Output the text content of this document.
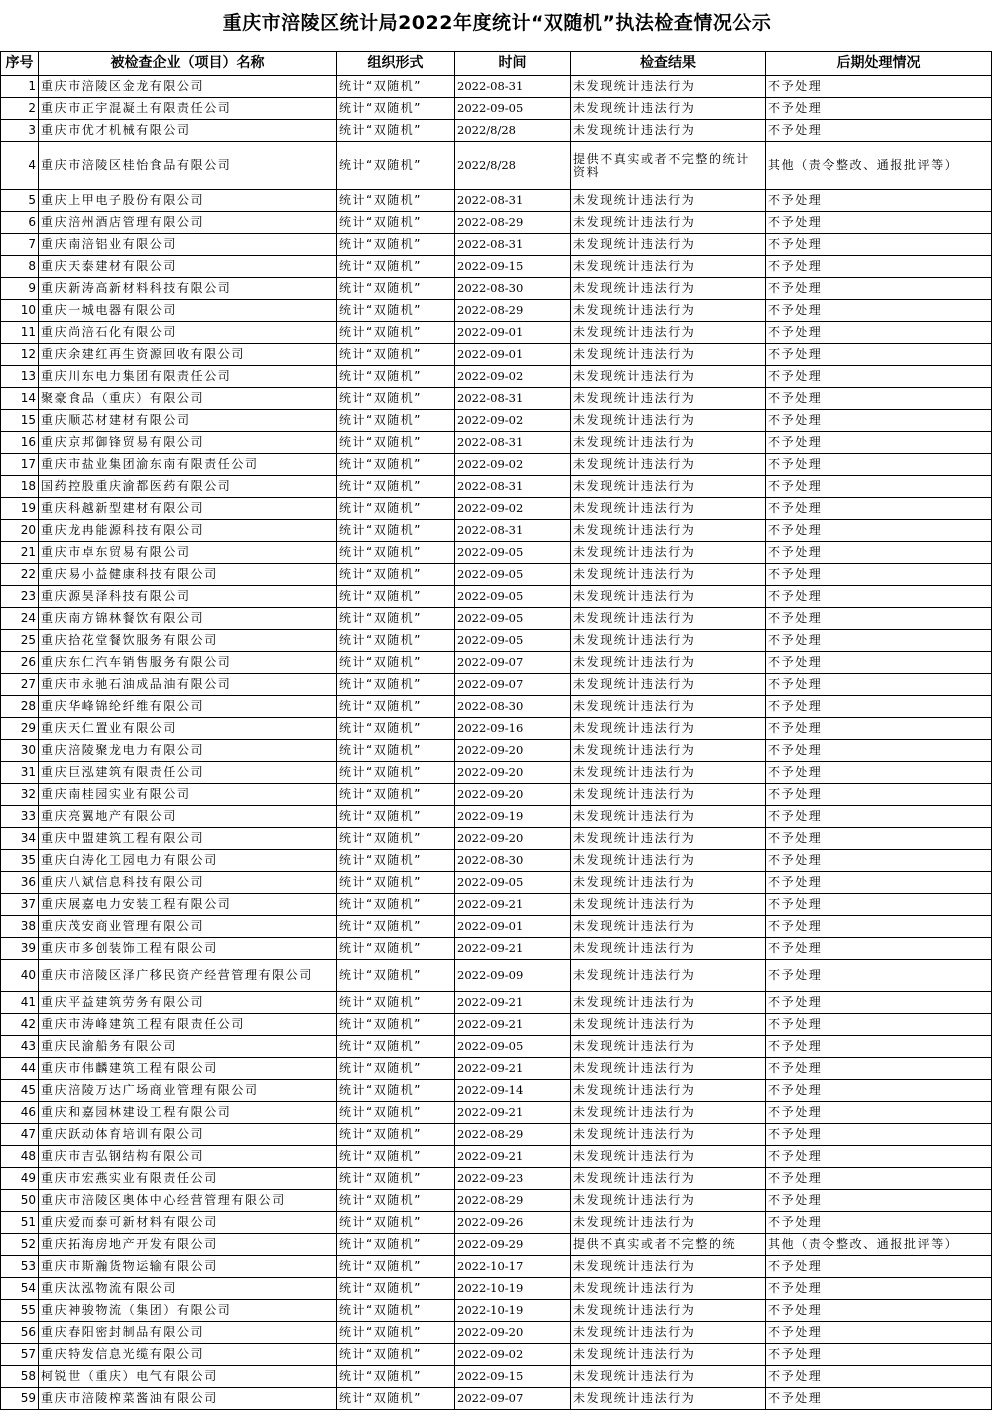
重庆市涪陵区统计局2022年度统计“双随机”执法检查情况公示
序号	被检查企业（项目）名称	组织形式	时间	检查结果	后期处理情况
1	重庆市涪陵区金龙有限公司	统计“双随机”	2022-08-31	未发现统计违法行为	不予处理
2	重庆市正宇混凝土有限责任公司	统计“双随机”	2022-09-05	未发现统计违法行为	不予处理
3	重庆市优才机械有限公司	统计“双随机”	2022/8/28	未发现统计违法行为	不予处理
4	重庆市涪陵区桂怡食品有限公司	统计“双随机”	2022/8/28	提供不真实或者不完整的统计资料	其他（责令整改、通报批评等）
5	重庆上甲电子股份有限公司	统计“双随机”	2022-08-31	未发现统计违法行为	不予处理
6	重庆涪州酒店管理有限公司	统计“双随机”	2022-08-29	未发现统计违法行为	不予处理
7	重庆南涪铝业有限公司	统计“双随机”	2022-08-31	未发现统计违法行为	不予处理
8	重庆天泰建材有限公司	统计“双随机”	2022-09-15	未发现统计违法行为	不予处理
9	重庆新涛高新材料科技有限公司	统计“双随机”	2022-08-30	未发现统计违法行为	不予处理
10	重庆一城电器有限公司	统计“双随机”	2022-08-29	未发现统计违法行为	不予处理
11	重庆尚涪石化有限公司	统计“双随机”	2022-09-01	未发现统计违法行为	不予处理
12	重庆余建红再生资源回收有限公司	统计“双随机”	2022-09-01	未发现统计违法行为	不予处理
13	重庆川东电力集团有限责任公司	统计“双随机”	2022-09-02	未发现统计违法行为	不予处理
14	聚豪食品（重庆）有限公司	统计“双随机”	2022-08-31	未发现统计违法行为	不予处理
15	重庆顺芯材建材有限公司	统计“双随机”	2022-09-02	未发现统计违法行为	不予处理
16	重庆京邦御锋贸易有限公司	统计“双随机”	2022-08-31	未发现统计违法行为	不予处理
17	重庆市盐业集团渝东南有限责任公司	统计“双随机”	2022-09-02	未发现统计违法行为	不予处理
18	国药控股重庆渝都医药有限公司	统计“双随机”	2022-08-31	未发现统计违法行为	不予处理
19	重庆科越新型建材有限公司	统计“双随机”	2022-09-02	未发现统计违法行为	不予处理
20	重庆龙冉能源科技有限公司	统计“双随机”	2022-08-31	未发现统计违法行为	不予处理
21	重庆市卓东贸易有限公司	统计“双随机”	2022-09-05	未发现统计违法行为	不予处理
22	重庆易小益健康科技有限公司	统计“双随机”	2022-09-05	未发现统计违法行为	不予处理
23	重庆源昊泽科技有限公司	统计“双随机”	2022-09-05	未发现统计违法行为	不予处理
24	重庆南方锦林餐饮有限公司	统计“双随机”	2022-09-05	未发现统计违法行为	不予处理
25	重庆拾花堂餐饮服务有限公司	统计“双随机”	2022-09-05	未发现统计违法行为	不予处理
26	重庆东仁汽车销售服务有限公司	统计“双随机”	2022-09-07	未发现统计违法行为	不予处理
27	重庆市永驰石油成品油有限公司	统计“双随机”	2022-09-07	未发现统计违法行为	不予处理
28	重庆华峰锦纶纤维有限公司	统计“双随机”	2022-08-30	未发现统计违法行为	不予处理
29	重庆天仁置业有限公司	统计“双随机”	2022-09-16	未发现统计违法行为	不予处理
30	重庆涪陵聚龙电力有限公司	统计“双随机”	2022-09-20	未发现统计违法行为	不予处理
31	重庆巨泓建筑有限责任公司	统计“双随机”	2022-09-20	未发现统计违法行为	不予处理
32	重庆南桂园实业有限公司	统计“双随机”	2022-09-20	未发现统计违法行为	不予处理
33	重庆亮翼地产有限公司	统计“双随机”	2022-09-19	未发现统计违法行为	不予处理
34	重庆中盟建筑工程有限公司	统计“双随机”	2022-09-20	未发现统计违法行为	不予处理
35	重庆白涛化工园电力有限公司	统计“双随机”	2022-08-30	未发现统计违法行为	不予处理
36	重庆八斌信息科技有限公司	统计“双随机”	2022-09-05	未发现统计违法行为	不予处理
37	重庆展嘉电力安装工程有限公司	统计“双随机”	2022-09-21	未发现统计违法行为	不予处理
38	重庆茂安商业管理有限公司	统计“双随机”	2022-09-01	未发现统计违法行为	不予处理
39	重庆市多创装饰工程有限公司	统计“双随机”	2022-09-21	未发现统计违法行为	不予处理
40	重庆市涪陵区泽广移民资产经营管理有限公司	统计“双随机”	2022-09-09	未发现统计违法行为	不予处理
41	重庆平益建筑劳务有限公司	统计“双随机”	2022-09-21	未发现统计违法行为	不予处理
42	重庆市涛峰建筑工程有限责任公司	统计“双随机”	2022-09-21	未发现统计违法行为	不予处理
43	重庆民渝船务有限公司	统计“双随机”	2022-09-05	未发现统计违法行为	不予处理
44	重庆市伟麟建筑工程有限公司	统计“双随机”	2022-09-21	未发现统计违法行为	不予处理
45	重庆涪陵万达广场商业管理有限公司	统计“双随机”	2022-09-14	未发现统计违法行为	不予处理
46	重庆和嘉园林建设工程有限公司	统计“双随机”	2022-09-21	未发现统计违法行为	不予处理
47	重庆跃动体育培训有限公司	统计“双随机”	2022-08-29	未发现统计违法行为	不予处理
48	重庆市吉弘钢结构有限公司	统计“双随机”	2022-09-21	未发现统计违法行为	不予处理
49	重庆市宏燕实业有限责任公司	统计“双随机”	2022-09-23	未发现统计违法行为	不予处理
50	重庆市涪陵区奥体中心经营管理有限公司	统计“双随机”	2022-08-29	未发现统计违法行为	不予处理
51	重庆爱而泰可新材料有限公司	统计“双随机”	2022-09-26	未发现统计违法行为	不予处理
52	重庆拓海房地产开发有限公司	统计“双随机”	2022-09-29	提供不真实或者不完整的统	其他（责令整改、通报批评等）
53	重庆市斯瀚货物运输有限公司	统计“双随机”	2022-10-17	未发现统计违法行为	不予处理
54	重庆汰泓物流有限公司	统计“双随机”	2022-10-19	未发现统计违法行为	不予处理
55	重庆神骏物流（集团）有限公司	统计“双随机”	2022-10-19	未发现统计违法行为	不予处理
56	重庆春阳密封制品有限公司	统计“双随机”	2022-09-20	未发现统计违法行为	不予处理
57	重庆特发信息光缆有限公司	统计“双随机”	2022-09-02	未发现统计违法行为	不予处理
58	柯锐世（重庆）电气有限公司	统计“双随机”	2022-09-15	未发现统计违法行为	不予处理
59	重庆市涪陵榨菜酱油有限公司	统计“双随机”	2022-09-07	未发现统计违法行为	不予处理
